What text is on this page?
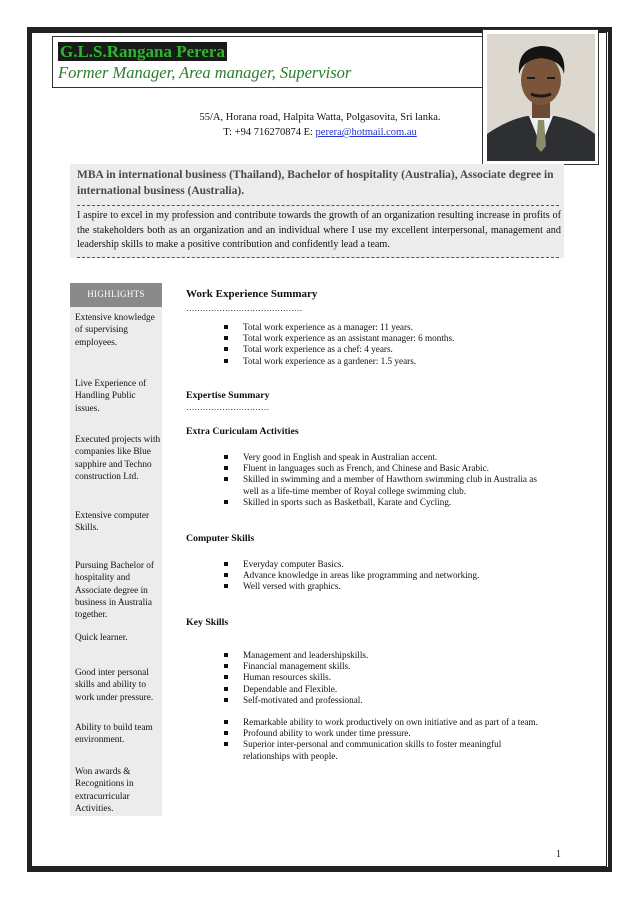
G.L.S.Rangana Perera
Former Manager, Area manager, Supervisor
55/A, Horana road, Halpita Watta, Polgasovita, Sri lanka.
T: +94 716270874 E: perera@hotmail.com.au
MBA in international business (Thailand), Bachelor of hospitality (Australia), Associate degree in international business (Australia).
I aspire to excel in my profession and contribute towards the growth of an organization resulting increase in profits of the stakeholders both as an organization and an individual where I use my excellent interpersonal, management and leadership skills to make a positive contribution and confidently lead a team.
HIGHLIGHTS
Extensive knowledge of supervising employees.
Live Experience of Handling Public issues.
Executed projects with companies like Blue sapphire and Techno construction Ltd.
Extensive computer Skills.
Pursuing Bachelor of hospitality and Associate degree in business in Australia together.
Quick learner.
Good inter personal skills and ability to work under pressure.
Ability to build team environment.
Won awards & Recognitions in extracurricular Activities.
Work Experience Summary
……………………………………
Total work experience as a manager: 11 years.
Total work experience as an assistant manager: 6 months.
Total work experience as a chef: 4 years.
Total work experience as a gardener: 1.5 years.
Expertise Summary
…………………………
Extra Curiculam Activities
Very good in English and speak in Australian accent.
Fluent in languages such as French, and Chinese and Basic Arabic.
Skilled in swimming and a member of Hawthorn swimming club in Australia as well as a life-time member of Royal college swimming club.
Skilled in sports such as Basketball, Karate and Cycling.
Computer Skills
Everyday computer Basics.
Advance knowledge in areas like programming and networking.
Well versed with graphics.
Key Skills
Management and leadershipskills.
Financial management skills.
Human resources skills.
Dependable and Flexible.
Self-motivated and professional.
Remarkable ability to work productively on own initiative and as part of a team.
Profound ability to work under time pressure.
Superior inter-personal and communication skills to foster meaningful relationships with people.
1
